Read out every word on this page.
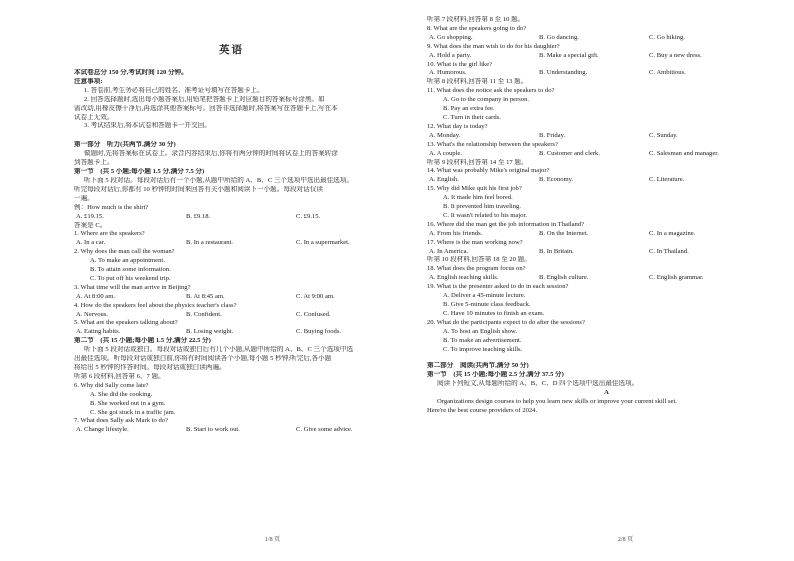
英语
本试卷总分 150 分,考试时间 120 分钟。
注意事项:
1. 答卷前,考生务必将自己的姓名、准考证号填写在答题卡上。
2. 回答选择题时,选出每小题答案后,用铅笔把答题卡上对应题目的答案标号涂黑。如
需改动,用橡皮擦干净后,再选涂其他答案标号。回答非选择题时,将答案写在答题卡上,写在本
试卷上无效。
3. 考试结束后,将本试卷和答题卡一并交回。
第一部分　听力(共两节,满分 30 分)
做题时,先将答案标在试卷上。录音内容结束后,你将有两分钟的时间将试卷上的答案转涂
到答题卡上。
第一节　(共 5 小题;每小题 1.5 分,满分 7.5 分)
听下面 5 段对话。每段对话后有一个小题,从题中所给的 A、B、C 三个选项中选出最佳选项。
听完每段对话后,你都有 10 秒钟的时间来回答有关小题和阅读下一小题。每段对话仅读
一遍。
例：How much is the shirt?
A. £19.15.	B. £9.18.	C. £9.15.
答案是 C。
1. Where are the speakers?
A. In a car.	B. In a restaurant.	C. In a supermarket.
2. Why does the man call the woman?
A. To make an appointment.
B. To attain some information.
C. To put off his weekend trip.
3. What time will the man arrive in Beijing?
A. At 8:00 am.	B. At 8:45 am.	C. At 9:00 am.
4. How do the speakers feel about the physics teacher's class?
A. Nervous.	B. Confident.	C. Confused.
5. What are the speakers talking about?
A. Eating habits.	B. Losing weight.	C. Buying foods.
第二节　(共 15 小题;每小题 1.5 分,满分 22.5 分)
听下面 5 段对话或独白。每段对话或独白后有几个小题,从题中所给的 A、B、C 三个选项中选
出最佳选项。听每段对话或独白前,你将有时间阅读各个小题,每小题 5 秒钟;听完后,各小题
将给出 5 秒钟的作答时间。每段对话或独白读两遍。
听第 6 段材料,回答第 6、7 题。
6. Why did Sally come late?
A. She did the cooking.
B. She worked out in a gym.
C. She got stuck in a traffic jam.
7. What does Sally ask Mark to do?
A. Change lifestyle.	B. Start to work out.	C. Give some advice.
1/8 页
听第 7 段材料,回答第 8 至 10 题。
8. What are the speakers going to do?
A. Go shopping.	B. Go dancing.	C. Go hiking.
9. What does the man wish to do for his daughter?
A. Hold a party.	B. Make a special gift.	C. Buy a new dress.
10. What is the girl like?
A. Humorous.	B. Understanding.	C. Ambitious.
听第 8 段材料,回答第 11 至 13 题。
11. What does the notice ask the speakers to do?
A. Go to the company in person.
B. Pay an extra fee.
C. Turn in their cards.
12. What day is today?
A. Monday.	B. Friday.	C. Sunday.
13. What's the relationship between the speakers?
A. A couple.	B. Customer and clerk.	C. Salesman and manager.
听第 9 段材料,回答第 14 至 17 题。
14. What was probably Mike's original major?
A. English.	B. Economy.	C. Literature.
15. Why did Mike quit his first job?
A. It made him feel bored.
B. It prevented him traveling.
C. It wasn't related to his major.
16. Where did the man get the job information in Thailand?
A. From his friends.	B. On the Internet.	C. In a magazine.
17. Where is the man working now?
A. In America.	B. In Britain.	C. In Thailand.
听第 10 段材料,回答第 18 至 20 题。
18. What does the program focus on?
A. English teaching skills.	B. English culture.	C. English grammar.
19. What is the presenter asked to do in each session?
A. Deliver a 45-minute lecture.
B. Give 5-minute class feedback.
C. Have 10 minutes to finish an exam.
20. What do the participants expect to do after the sessions?
A. To host an English show.
B. To make an advertisement.
C. To improve teaching skills.
第二部分　阅读(共两节,满分 50 分)
第一节　(共 15 小题;每小题 2.5 分,满分 37.5 分)
阅读下列短文,从每题所给的 A、B、C、D 四个选项中选出最佳选项。
A
Organizations design courses to help you learn new skills or improve your current skill set.
Here're the best course providers of 2024.
2/8 页
